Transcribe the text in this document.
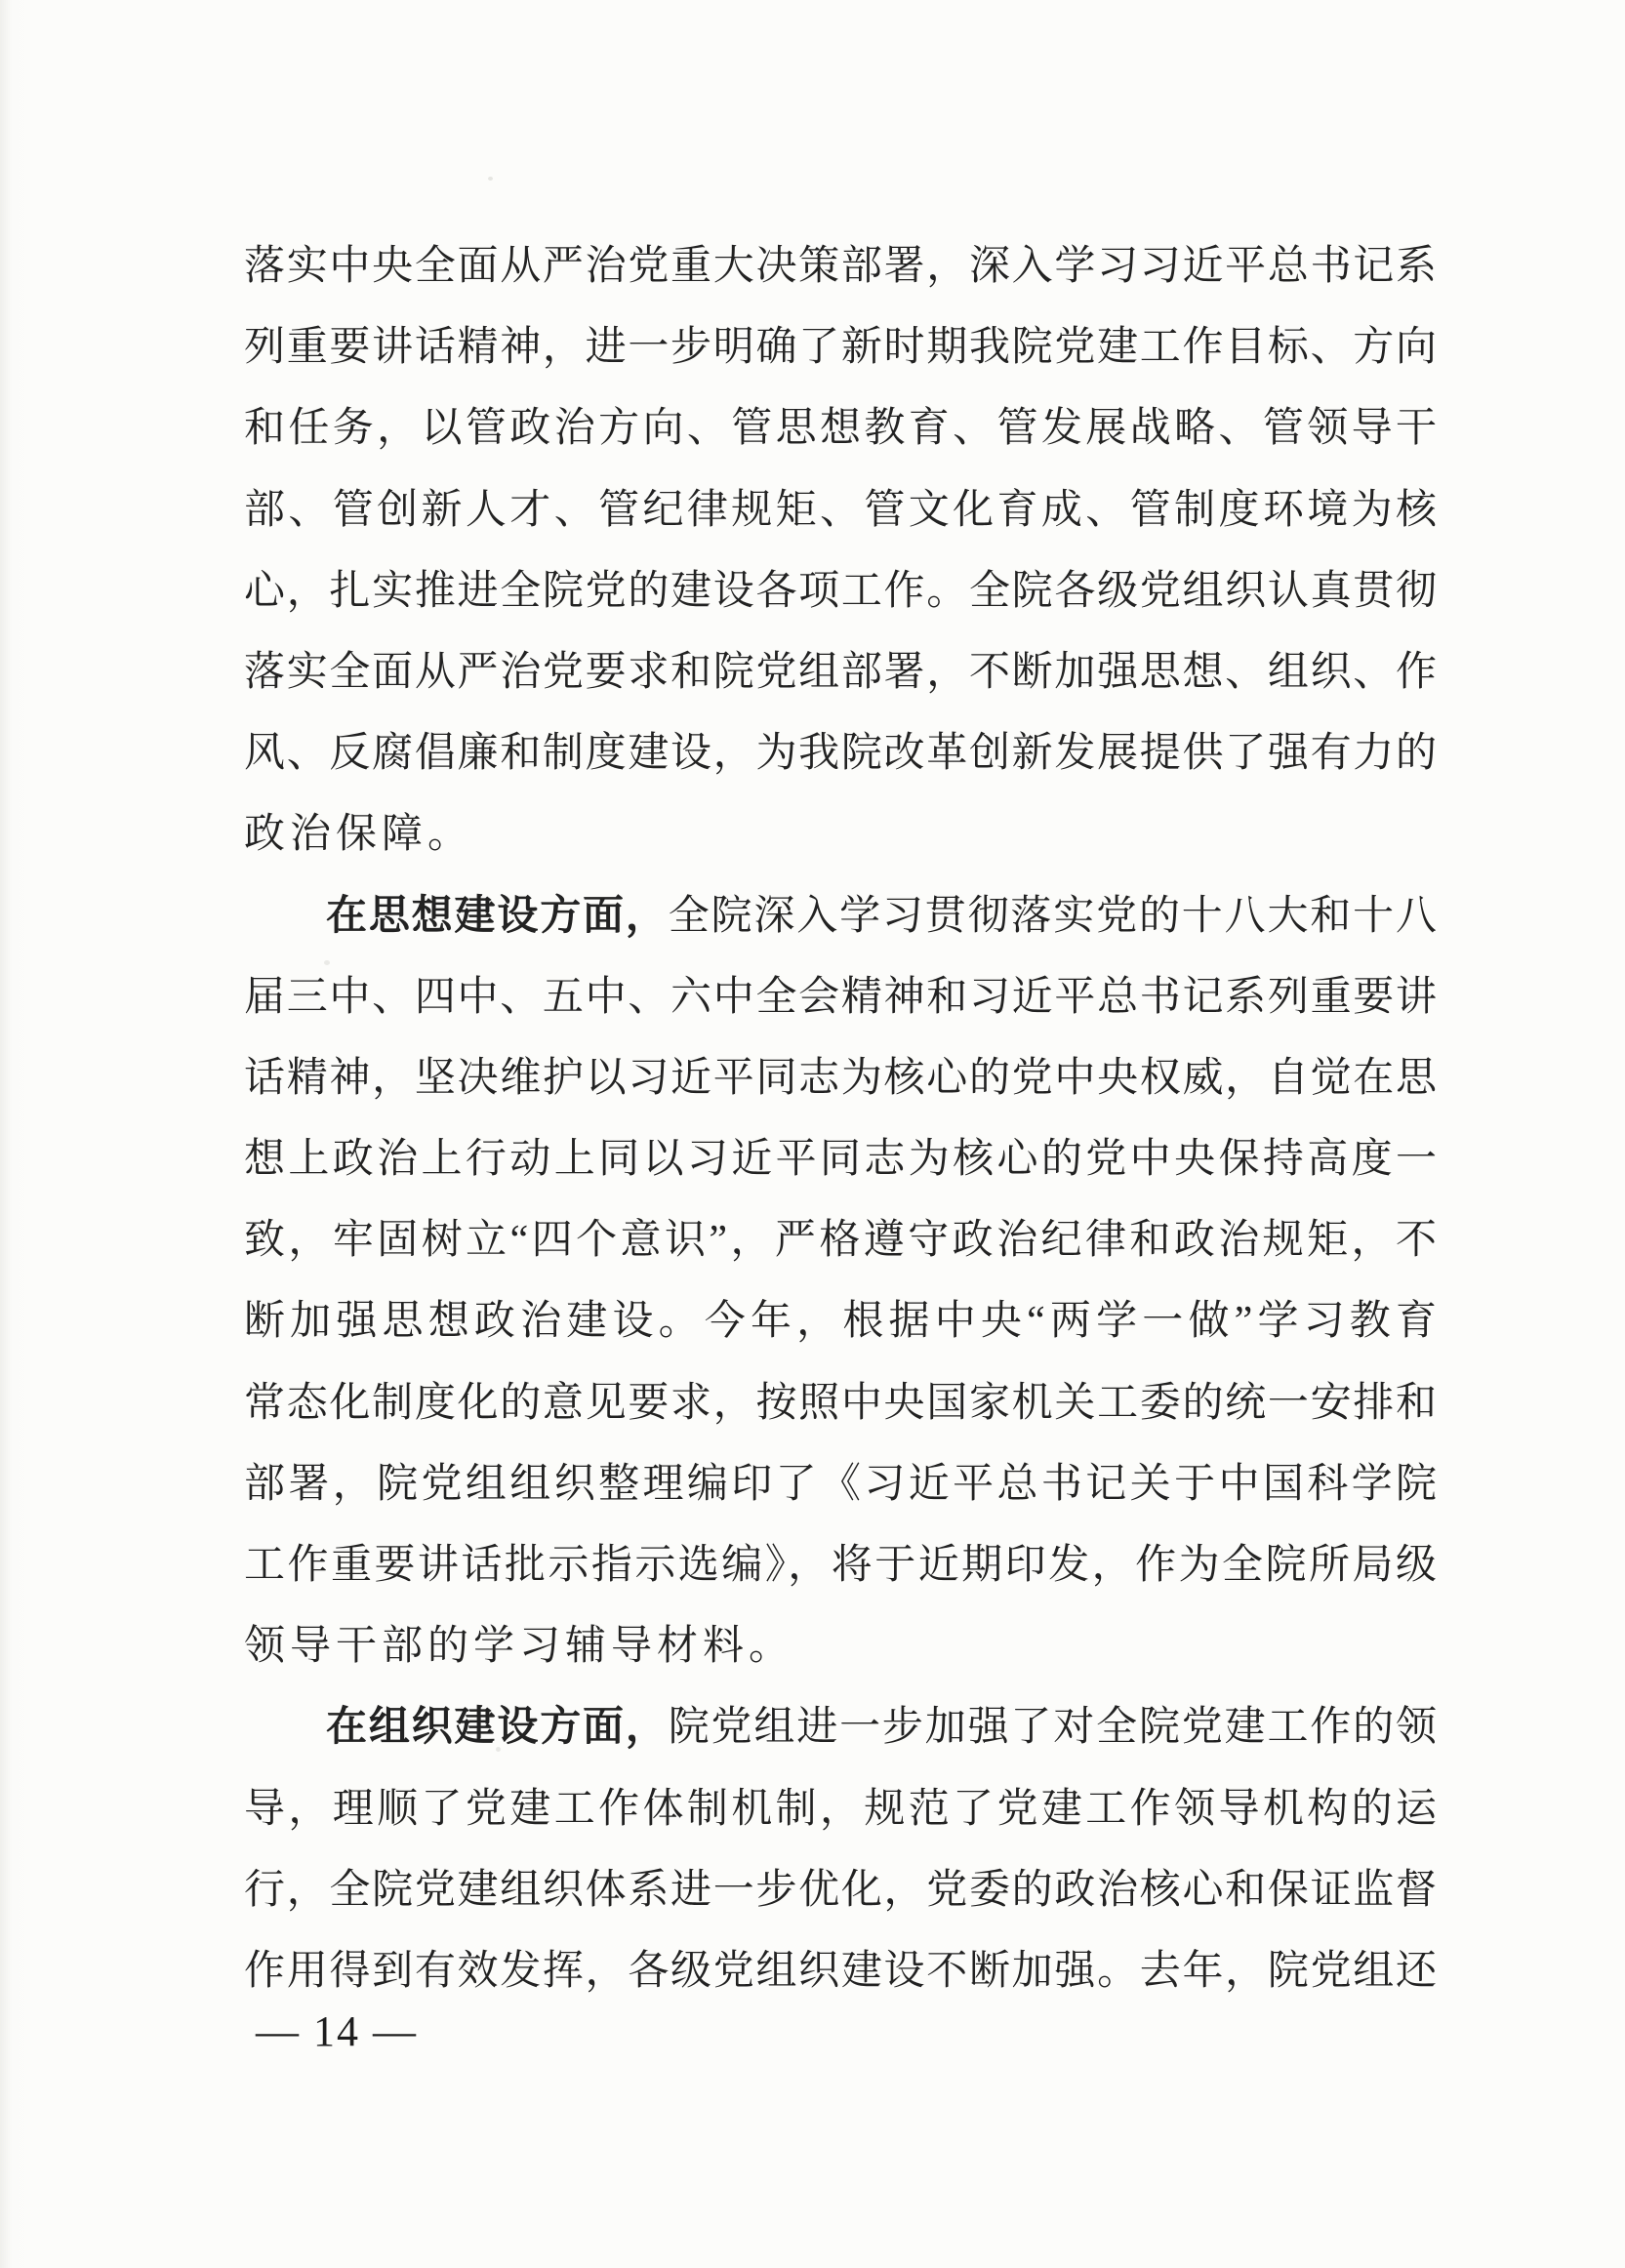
落实中央全面从严治党重大决策部署，深入学习习近平总书记系

列重要讲话精神，进一步明确了新时期我院党建工作目标、方向

和任务，以管政治方向、管思想教育、管发展战略、管领导干

部、管创新人才、管纪律规矩、管文化育成、管制度环境为核

心，扎实推进全院党的建设各项工作。全院各级党组织认真贯彻

落实全面从严治党要求和院党组部署，不断加强思想、组织、作

风、反腐倡廉和制度建设，为我院改革创新发展提供了强有力的

政治保障。

在思想建设方面，全院深入学习贯彻落实党的十八大和十八

届三中、四中、五中、六中全会精神和习近平总书记系列重要讲

话精神，坚决维护以习近平同志为核心的党中央权威，自觉在思

想上政治上行动上同以习近平同志为核心的党中央保持高度一

致，牢固树立“四个意识”，严格遵守政治纪律和政治规矩，不

断加强思想政治建设。今年，根据中央“两学一做”学习教育

常态化制度化的意见要求，按照中央国家机关工委的统一安排和

部署，院党组组织整理编印了《习近平总书记关于中国科学院

工作重要讲话批示指示选编》，将于近期印发，作为全院所局级

领导干部的学习辅导材料。

在组织建设方面，院党组进一步加强了对全院党建工作的领

导，理顺了党建工作体制机制，规范了党建工作领导机构的运

行，全院党建组织体系进一步优化，党委的政治核心和保证监督

作用得到有效发挥，各级党组织建设不断加强。去年，院党组还

— 14 —
